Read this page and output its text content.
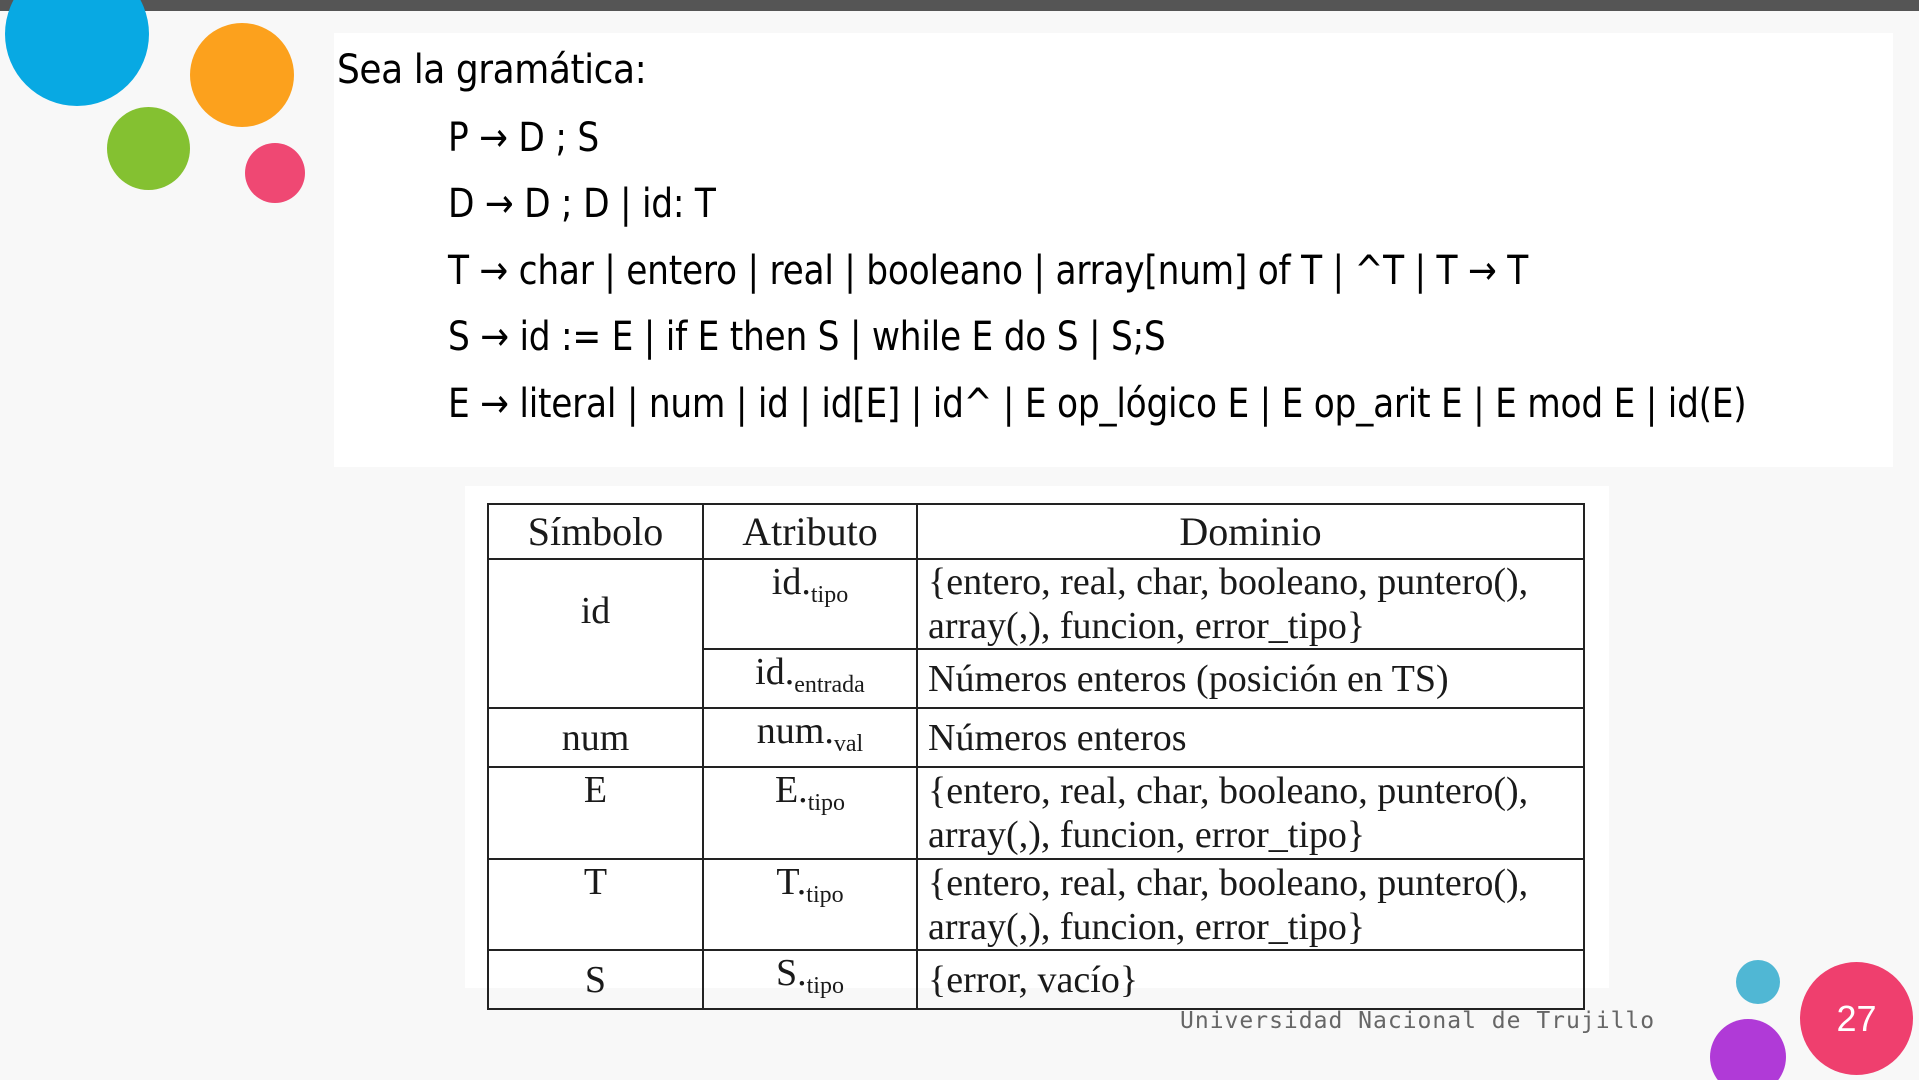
Sea la gramática:
P → D ; S
D → D ; D | id: T
T → char | entero | real | booleano | array[num] of T | ^T | T → T
S → id := E | if E then S | while E do S | S;S
E → literal | num | id | id[E] | id^ | E op_lógico E | E op_arit E | E mod E | id(E)
Símbolo	Atributo	Dominio
id	$id._{tipo}$	{entero, real, char, booleano, puntero(),
array(,), funcion, error_tipo}

	$id._{entrada}$	Números enteros (posición en TS)

num	$num._{val}$	Números enteros

E	$E._{tipo}$	{entero, real, char, booleano, puntero(),
array(,), funcion, error_tipo}

T	$T._{tipo}$	{entero, real, char, booleano, puntero(),
array(,), funcion, error_tipo}

S	$S._{tipo}$	{error, vacío}
Universidad Nacional de Trujillo	27
